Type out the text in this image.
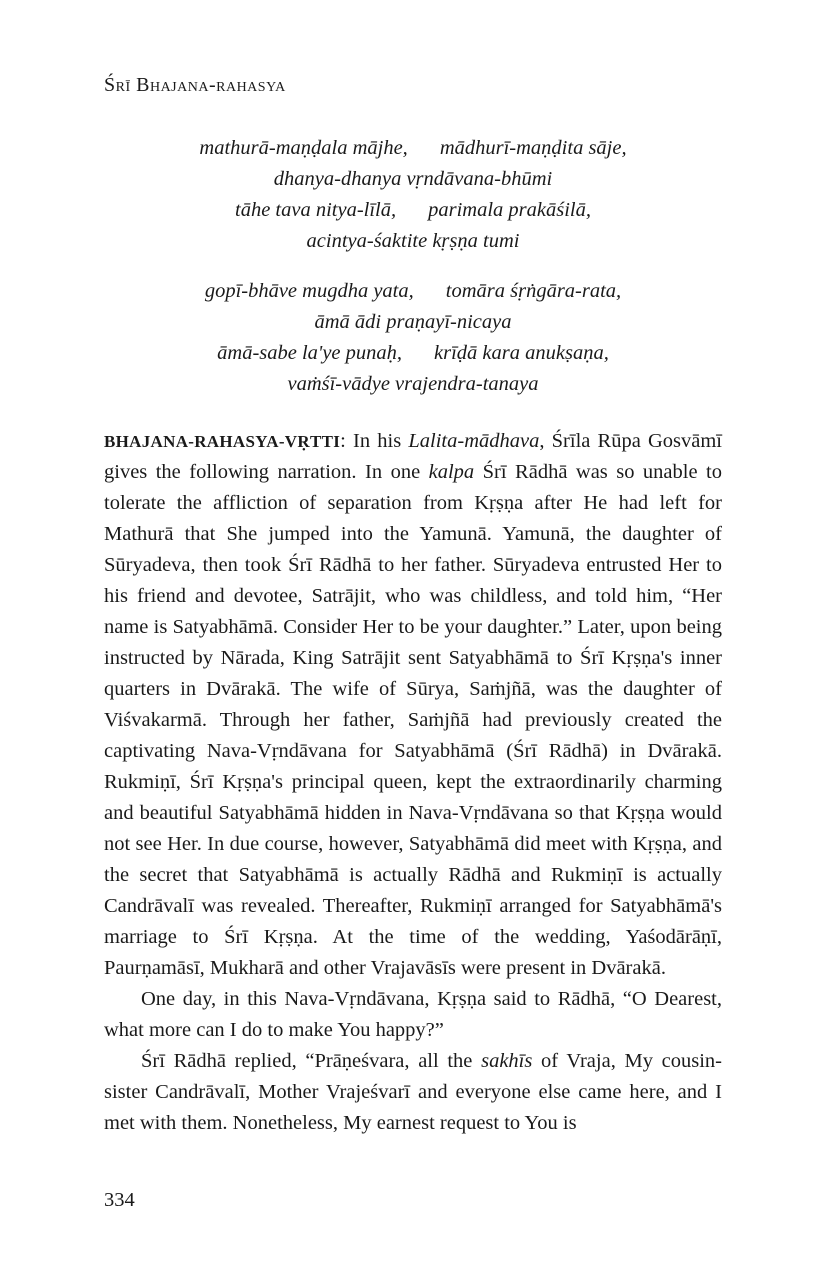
Śrī Bhajana-rahasya
mathurā-maṇḍala mājhe, mādhurī-maṇḍita sāje,
dhanya-dhanya vṛndāvana-bhūmi
tāhe tava nitya-līlā, parimala prakāśilā,
acintya-śaktite kṛṣṇa tumi
gopī-bhāve mugdha yata, tomāra śṛṅgāra-rata,
āmā ādi praṇayī-nicaya
āmā-sabe la'ye punaḥ, krīḍā kara anukṣaṇa,
vaṁśī-vādye vrajendra-tanaya

BHAJANA-RAHASYA-VṚTTI: In his Lalita-mādhava, Śrīla Rūpa Gosvāmī gives the following narration. In one kalpa Śrī Rādhā was so unable to tolerate the affliction of separation from Kṛṣṇa after He had left for Mathurā that She jumped into the Yamunā. Yamunā, the daughter of Sūryadeva, then took Śrī Rādhā to her father. Sūryadeva entrusted Her to his friend and devotee, Satrājit, who was childless, and told him, “Her name is Satyabhāmā. Consider Her to be your daughter.” Later, upon being instructed by Nārada, King Satrājit sent Satyabhāmā to Śrī Kṛṣṇa's inner quarters in Dvārakā. The wife of Sūrya, Saṁjñā, was the daughter of Viśvakarmā. Through her father, Saṁjñā had previously created the captivating Nava-Vṛndāvana for Satyabhāmā (Śrī Rādhā) in Dvārakā. Rukmiṇī, Śrī Kṛṣṇa's principal queen, kept the extraordinarily charming and beautiful Satyabhāmā hidden in Nava-Vṛndāvana so that Kṛṣṇa would not see Her. In due course, however, Satyabhāmā did meet with Kṛṣṇa, and the secret that Satyabhāmā is actually Rādhā and Rukmiṇī is actually Candrāvalī was revealed. Thereafter, Rukmiṇī arranged for Satyabhāmā's marriage to Śrī Kṛṣṇa. At the time of the wedding, Yaśodārāṇī, Paurṇamāsī, Mukharā and other Vrajavāsīs were present in Dvārakā.

One day, in this Nava-Vṛndāvana, Kṛṣṇa said to Rādhā, “O Dearest, what more can I do to make You happy?”

Śrī Rādhā replied, “Prāṇeśvara, all the sakhīs of Vraja, My cousin-sister Candrāvalī, Mother Vrajeśvarī and everyone else came here, and I met with them. Nonetheless, My earnest request to You is

334
